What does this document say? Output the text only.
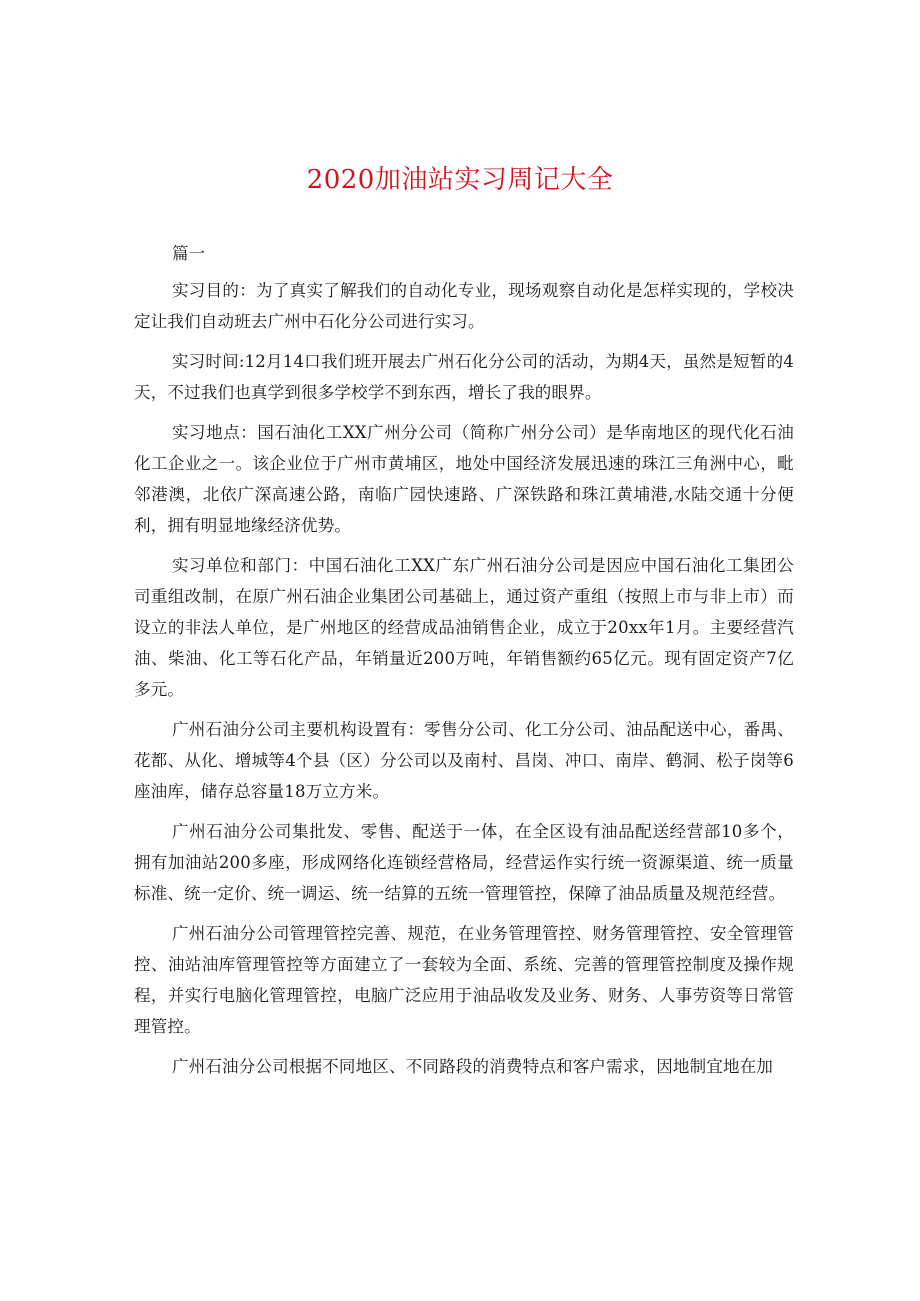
2020加油站实习周记大全

篇一

实习目的：为了真实了解我们的自动化专业，现场观察自动化是怎样实现的，学校决定让我们自动班去广州中石化分公司进行实习。

实习时间:12月14口我们班开展去广州石化分公司的活动，为期4天，虽然是短暂的4天，不过我们也真学到很多学校学不到东西，增长了我的眼界。

实习地点：国石油化工XX广州分公司（简称广州分公司）是华南地区的现代化石油化工企业之一。该企业位于广州市黄埔区，地处中国经济发展迅速的珠江三角洲中心，毗邻港澳，北依广深高速公路，南临广园快速路、广深铁路和珠江黄埔港,水陆交通十分便利，拥有明显地缘经济优势。

实习单位和部门：中国石油化工XX广东广州石油分公司是因应中国石油化工集团公司重组改制，在原广州石油企业集团公司基础上，通过资产重组（按照上市与非上市）而设立的非法人单位，是广州地区的经营成品油销售企业，成立于20xx年1月。主要经营汽油、柴油、化工等石化产品，年销量近200万吨，年销售额约65亿元。现有固定资产7亿多元。

广州石油分公司主要机构设置有：零售分公司、化工分公司、油品配送中心，番禺、花都、从化、增城等4个县（区）分公司以及南村、昌岗、冲口、南岸、鹤洞、松子岗等6座油库，储存总容量18万立方米。

广州石油分公司集批发、零售、配送于一体，在全区设有油品配送经营部10多个，拥有加油站200多座，形成网络化连锁经营格局，经营运作实行统一资源渠道、统一质量标准、统一定价、统一调运、统一结算的五统一管理管控，保障了油品质量及规范经营。

广州石油分公司管理管控完善、规范，在业务管理管控、财务管理管控、安全管理管控、油站油库管理管控等方面建立了一套较为全面、系统、完善的管理管控制度及操作规程，并实行电脑化管理管控，电脑广泛应用于油品收发及业务、财务、人事劳资等日常管理管控。

广州石油分公司根据不同地区、不同路段的消费特点和客户需求，因地制宜地在加
